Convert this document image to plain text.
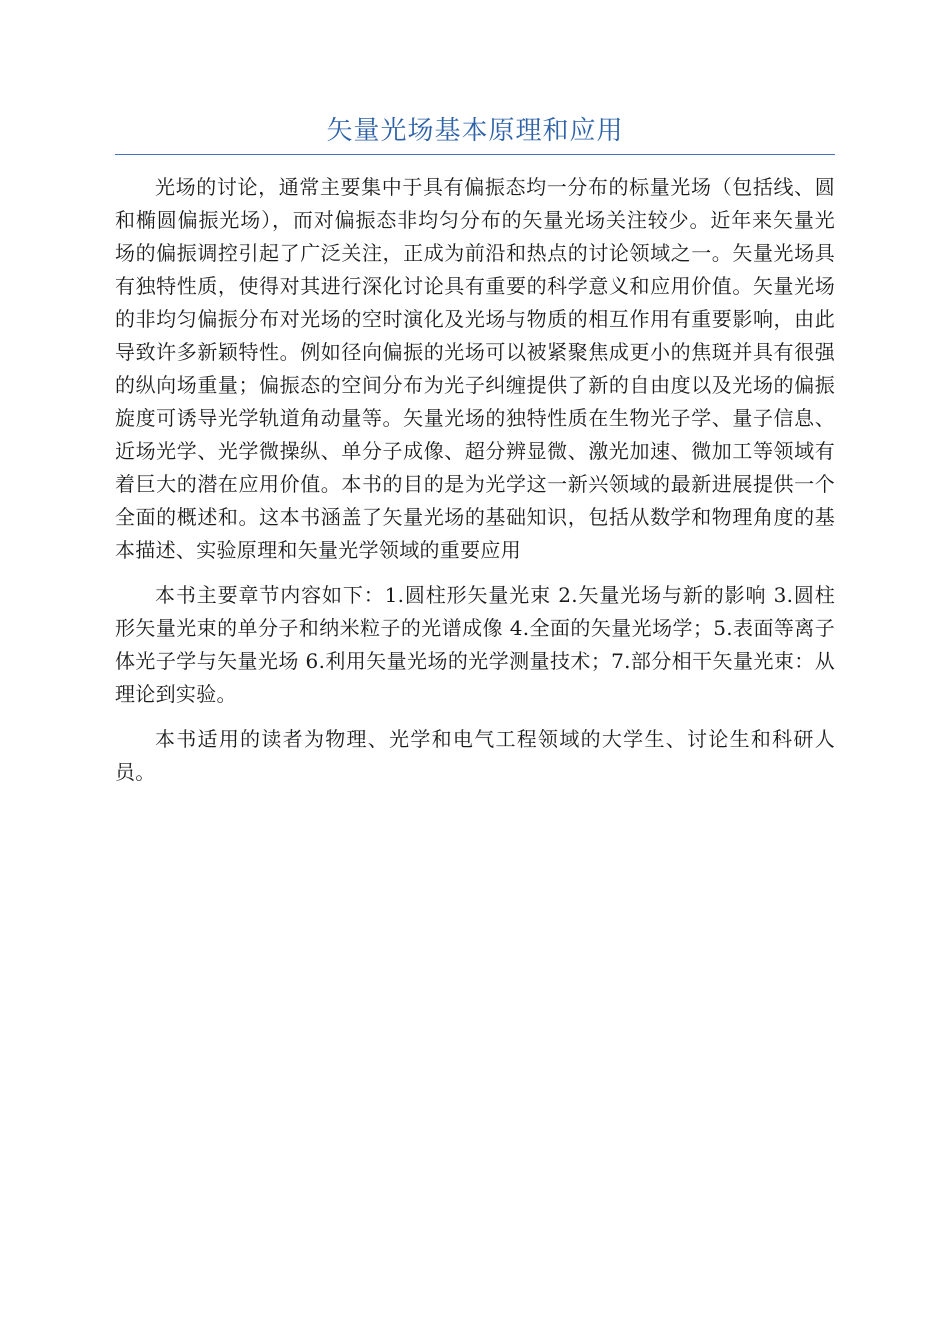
矢量光场基本原理和应用

光场的讨论，通常主要集中于具有偏振态均一分布的标量光场（包括线、圆和椭圆偏振光场），而对偏振态非均匀分布的矢量光场关注较少。近年来矢量光场的偏振调控引起了广泛关注，正成为前沿和热点的讨论领域之一。矢量光场具有独特性质，使得对其进行深化讨论具有重要的科学意义和应用价值。矢量光场的非均匀偏振分布对光场的空时演化及光场与物质的相互作用有重要影响，由此导致许多新颖特性。例如径向偏振的光场可以被紧聚焦成更小的焦斑并具有很强的纵向场重量；偏振态的空间分布为光子纠缠提供了新的自由度以及光场的偏振旋度可诱导光学轨道角动量等。矢量光场的独特性质在生物光子学、量子信息、近场光学、光学微操纵、单分子成像、超分辨显微、激光加速、微加工等领域有着巨大的潜在应用价值。本书的目的是为光学这一新兴领域的最新进展提供一个全面的概述和。这本书涵盖了矢量光场的基础知识，包括从数学和物理角度的基本描述、实验原理和矢量光学领域的重要应用

本书主要章节内容如下：1.圆柱形矢量光束 2.矢量光场与新的影响 3.圆柱形矢量光束的单分子和纳米粒子的光谱成像 4.全面的矢量光场学；5.表面等离子体光子学与矢量光场 6.利用矢量光场的光学测量技术；7.部分相干矢量光束：从理论到实验。

本书适用的读者为物理、光学和电气工程领域的大学生、讨论生和科研人员。
